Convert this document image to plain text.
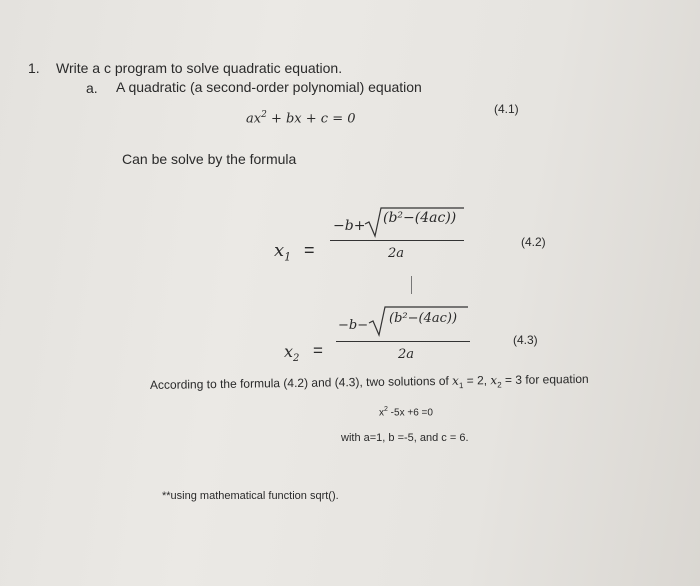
1. Write a c program to solve quadratic equation.
a. A quadratic (a second-order polynomial) equation
$ax^2$ + bx + c = 0
(4.1)
Can be solve by the formula
$x_1$ =
−b+ (b²−(4ac))
2a
(4.2)
$x_2$ =
−b− (b²−(4ac))
2a
(4.3)
According to the formula (4.2) and (4.3), two solutions of $x_1 = 2$, $x_2 = 3$ for equation
$x^2$ -5x +6 =0
with a=1, b =-5, and c = 6.
**using mathematical function sqrt().
